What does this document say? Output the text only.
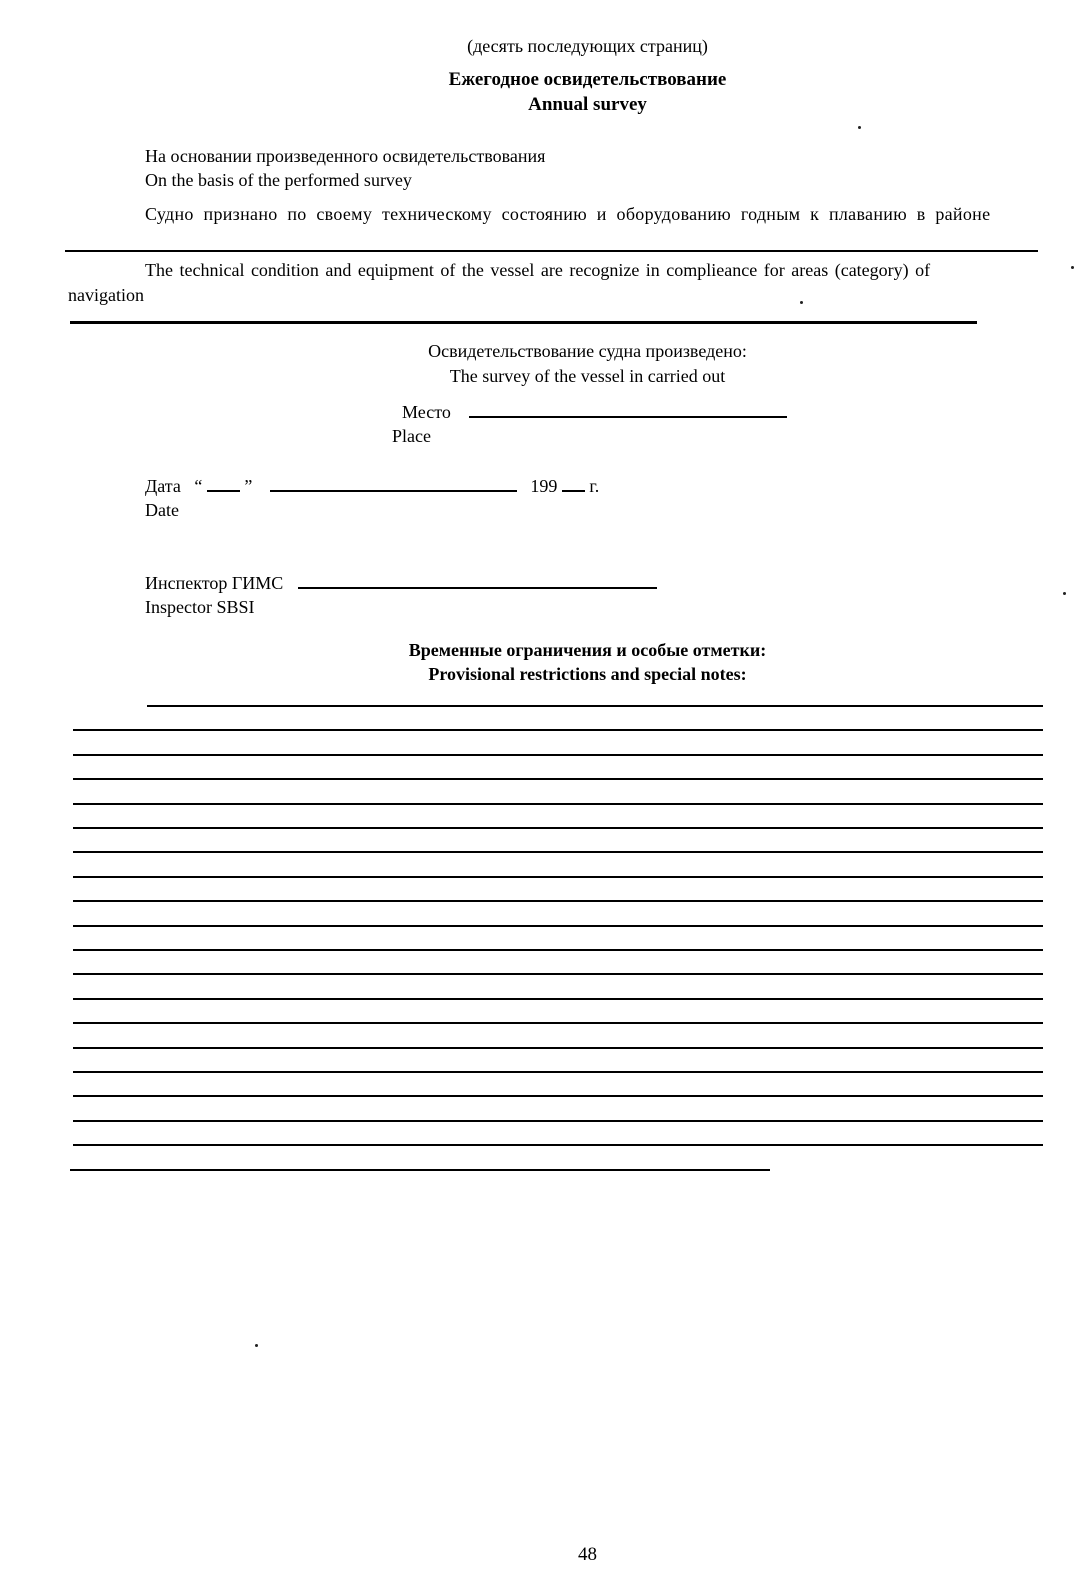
(десять последующих страниц)
Ежегодное освидетельствование
Annual survey
На основании произведенного освидетельствования
On the basis of the performed survey
Судно признано по своему техническому состоянию и оборудованию годным к плаванию в районе
The technical condition and equipment of the vessel are recognize in complieance for areas (category) of
navigation
Освидетельствование судна произведено:
The survey of the vessel in carried out
Место
Place
Дата “ ”	199 г.
Date
Инспектор ГИМС
Inspector SBSI
Временные ограничения и особые отметки:
Provisional restrictions and special notes:
48
